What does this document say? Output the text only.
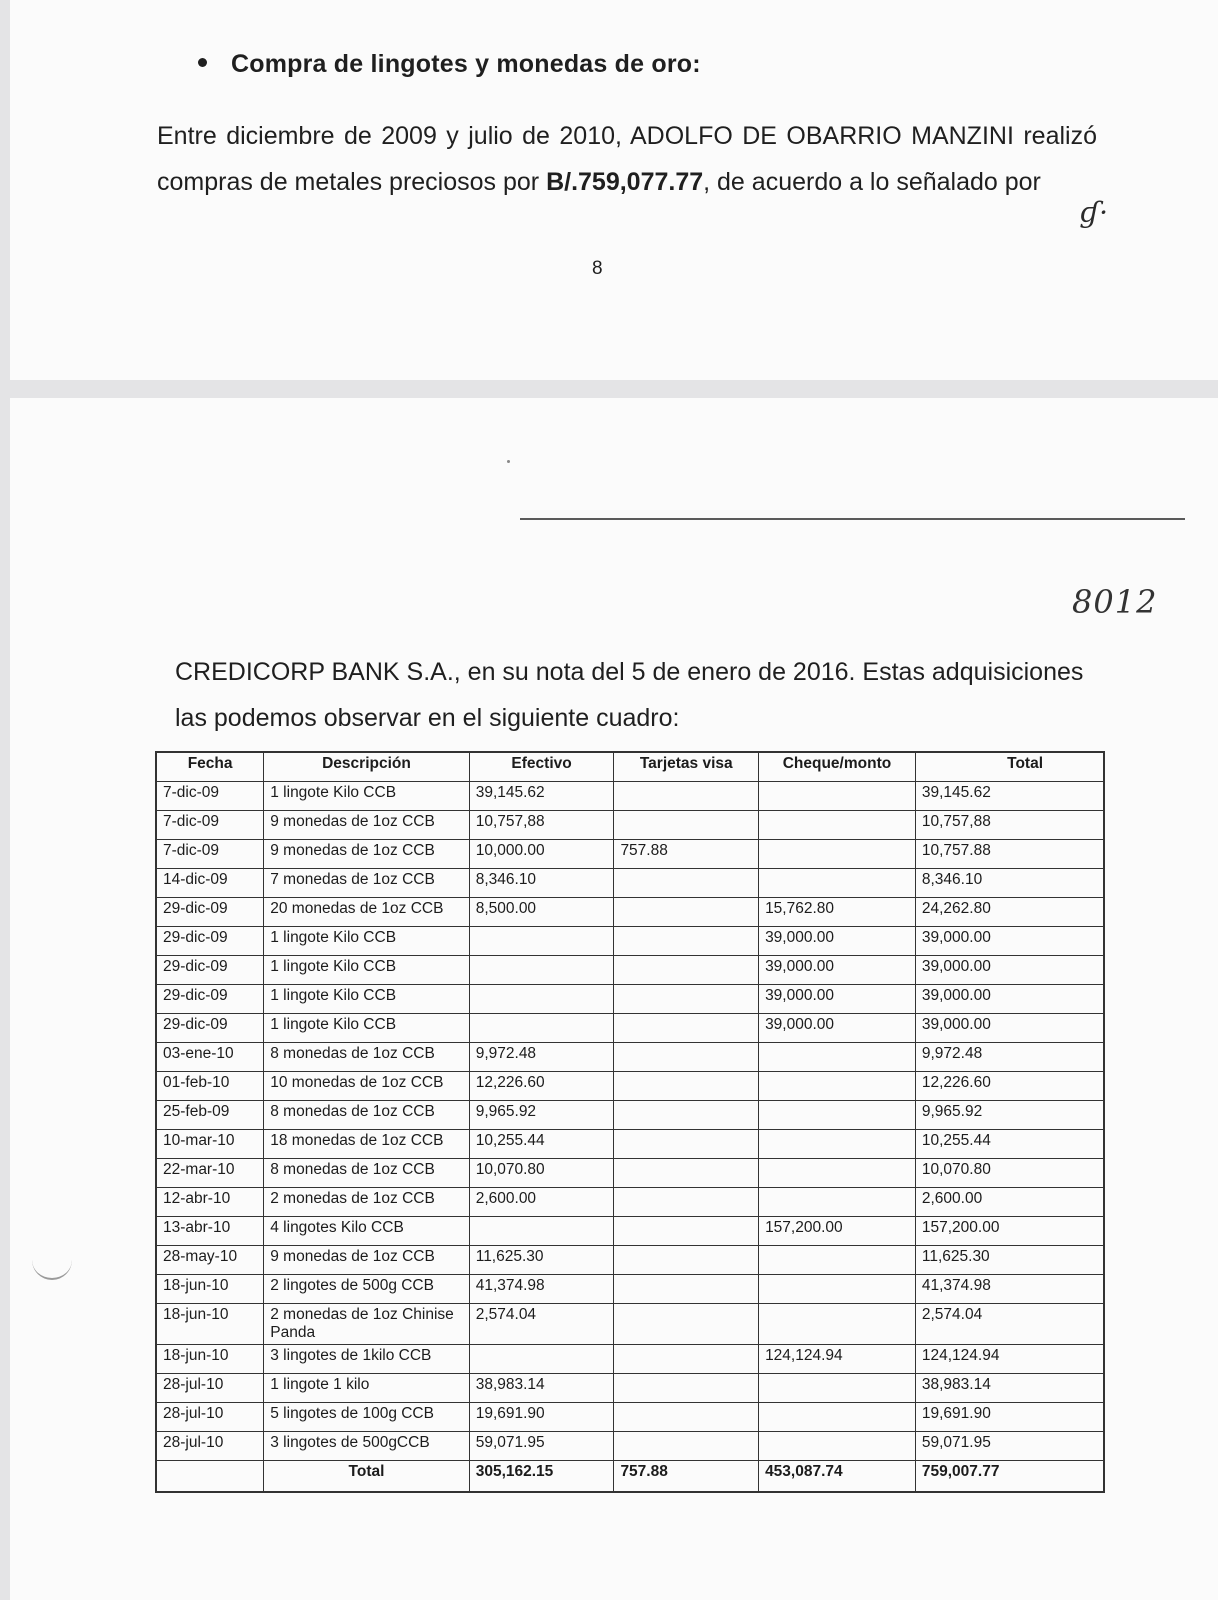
Compra de lingotes y monedas de oro:
Entre diciembre de 2009 y julio de 2010, ADOLFO DE OBARRIO MANZINI realizó compras de metales preciosos por B/.759,077.77, de acuerdo a lo señalado por
ɠ·
8
8012
CREDICORP BANK S.A., en su nota del 5 de enero de 2016. Estas adquisiciones las podemos observar en el siguiente cuadro:
Fecha	Descripción	Efectivo	Tarjetas visa	Cheque/monto	Total
7-dic-09	1 lingote Kilo CCB	39,145.62			39,145.62
7-dic-09	9 monedas de 1oz CCB	10,757,88			10,757,88
7-dic-09	9 monedas de 1oz CCB	10,000.00	757.88		10,757.88
14-dic-09	7 monedas de 1oz CCB	8,346.10			8,346.10
29-dic-09	20 monedas de 1oz CCB	8,500.00		15,762.80	24,262.80
29-dic-09	1 lingote Kilo CCB			39,000.00	39,000.00
29-dic-09	1 lingote Kilo CCB			39,000.00	39,000.00
29-dic-09	1 lingote Kilo CCB			39,000.00	39,000.00
29-dic-09	1 lingote Kilo CCB			39,000.00	39,000.00
03-ene-10	8 monedas de 1oz CCB	9,972.48			9,972.48
01-feb-10	10 monedas de 1oz CCB	12,226.60			12,226.60
25-feb-09	8 monedas de 1oz CCB	9,965.92			9,965.92
10-mar-10	18 monedas de 1oz CCB	10,255.44			10,255.44
22-mar-10	8 monedas de 1oz CCB	10,070.80			10,070.80
12-abr-10	2 monedas de 1oz CCB	2,600.00			2,600.00
13-abr-10	4 lingotes Kilo CCB			157,200.00	157,200.00
28-may-10	9 monedas de 1oz CCB	11,625.30			11,625.30
18-jun-10	2 lingotes de 500g CCB	41,374.98			41,374.98
18-jun-10	2 monedas de 1oz Chinise Panda	2,574.04			2,574.04
18-jun-10	3 lingotes de 1kilo CCB			124,124.94	124,124.94
28-jul-10	1 lingote 1 kilo	38,983.14			38,983.14
28-jul-10	5 lingotes de 100g CCB	19,691.90			19,691.90
28-jul-10	3 lingotes de 500gCCB	59,071.95			59,071.95
	Total	305,162.15	757.88	453,087.74	759,007.77
